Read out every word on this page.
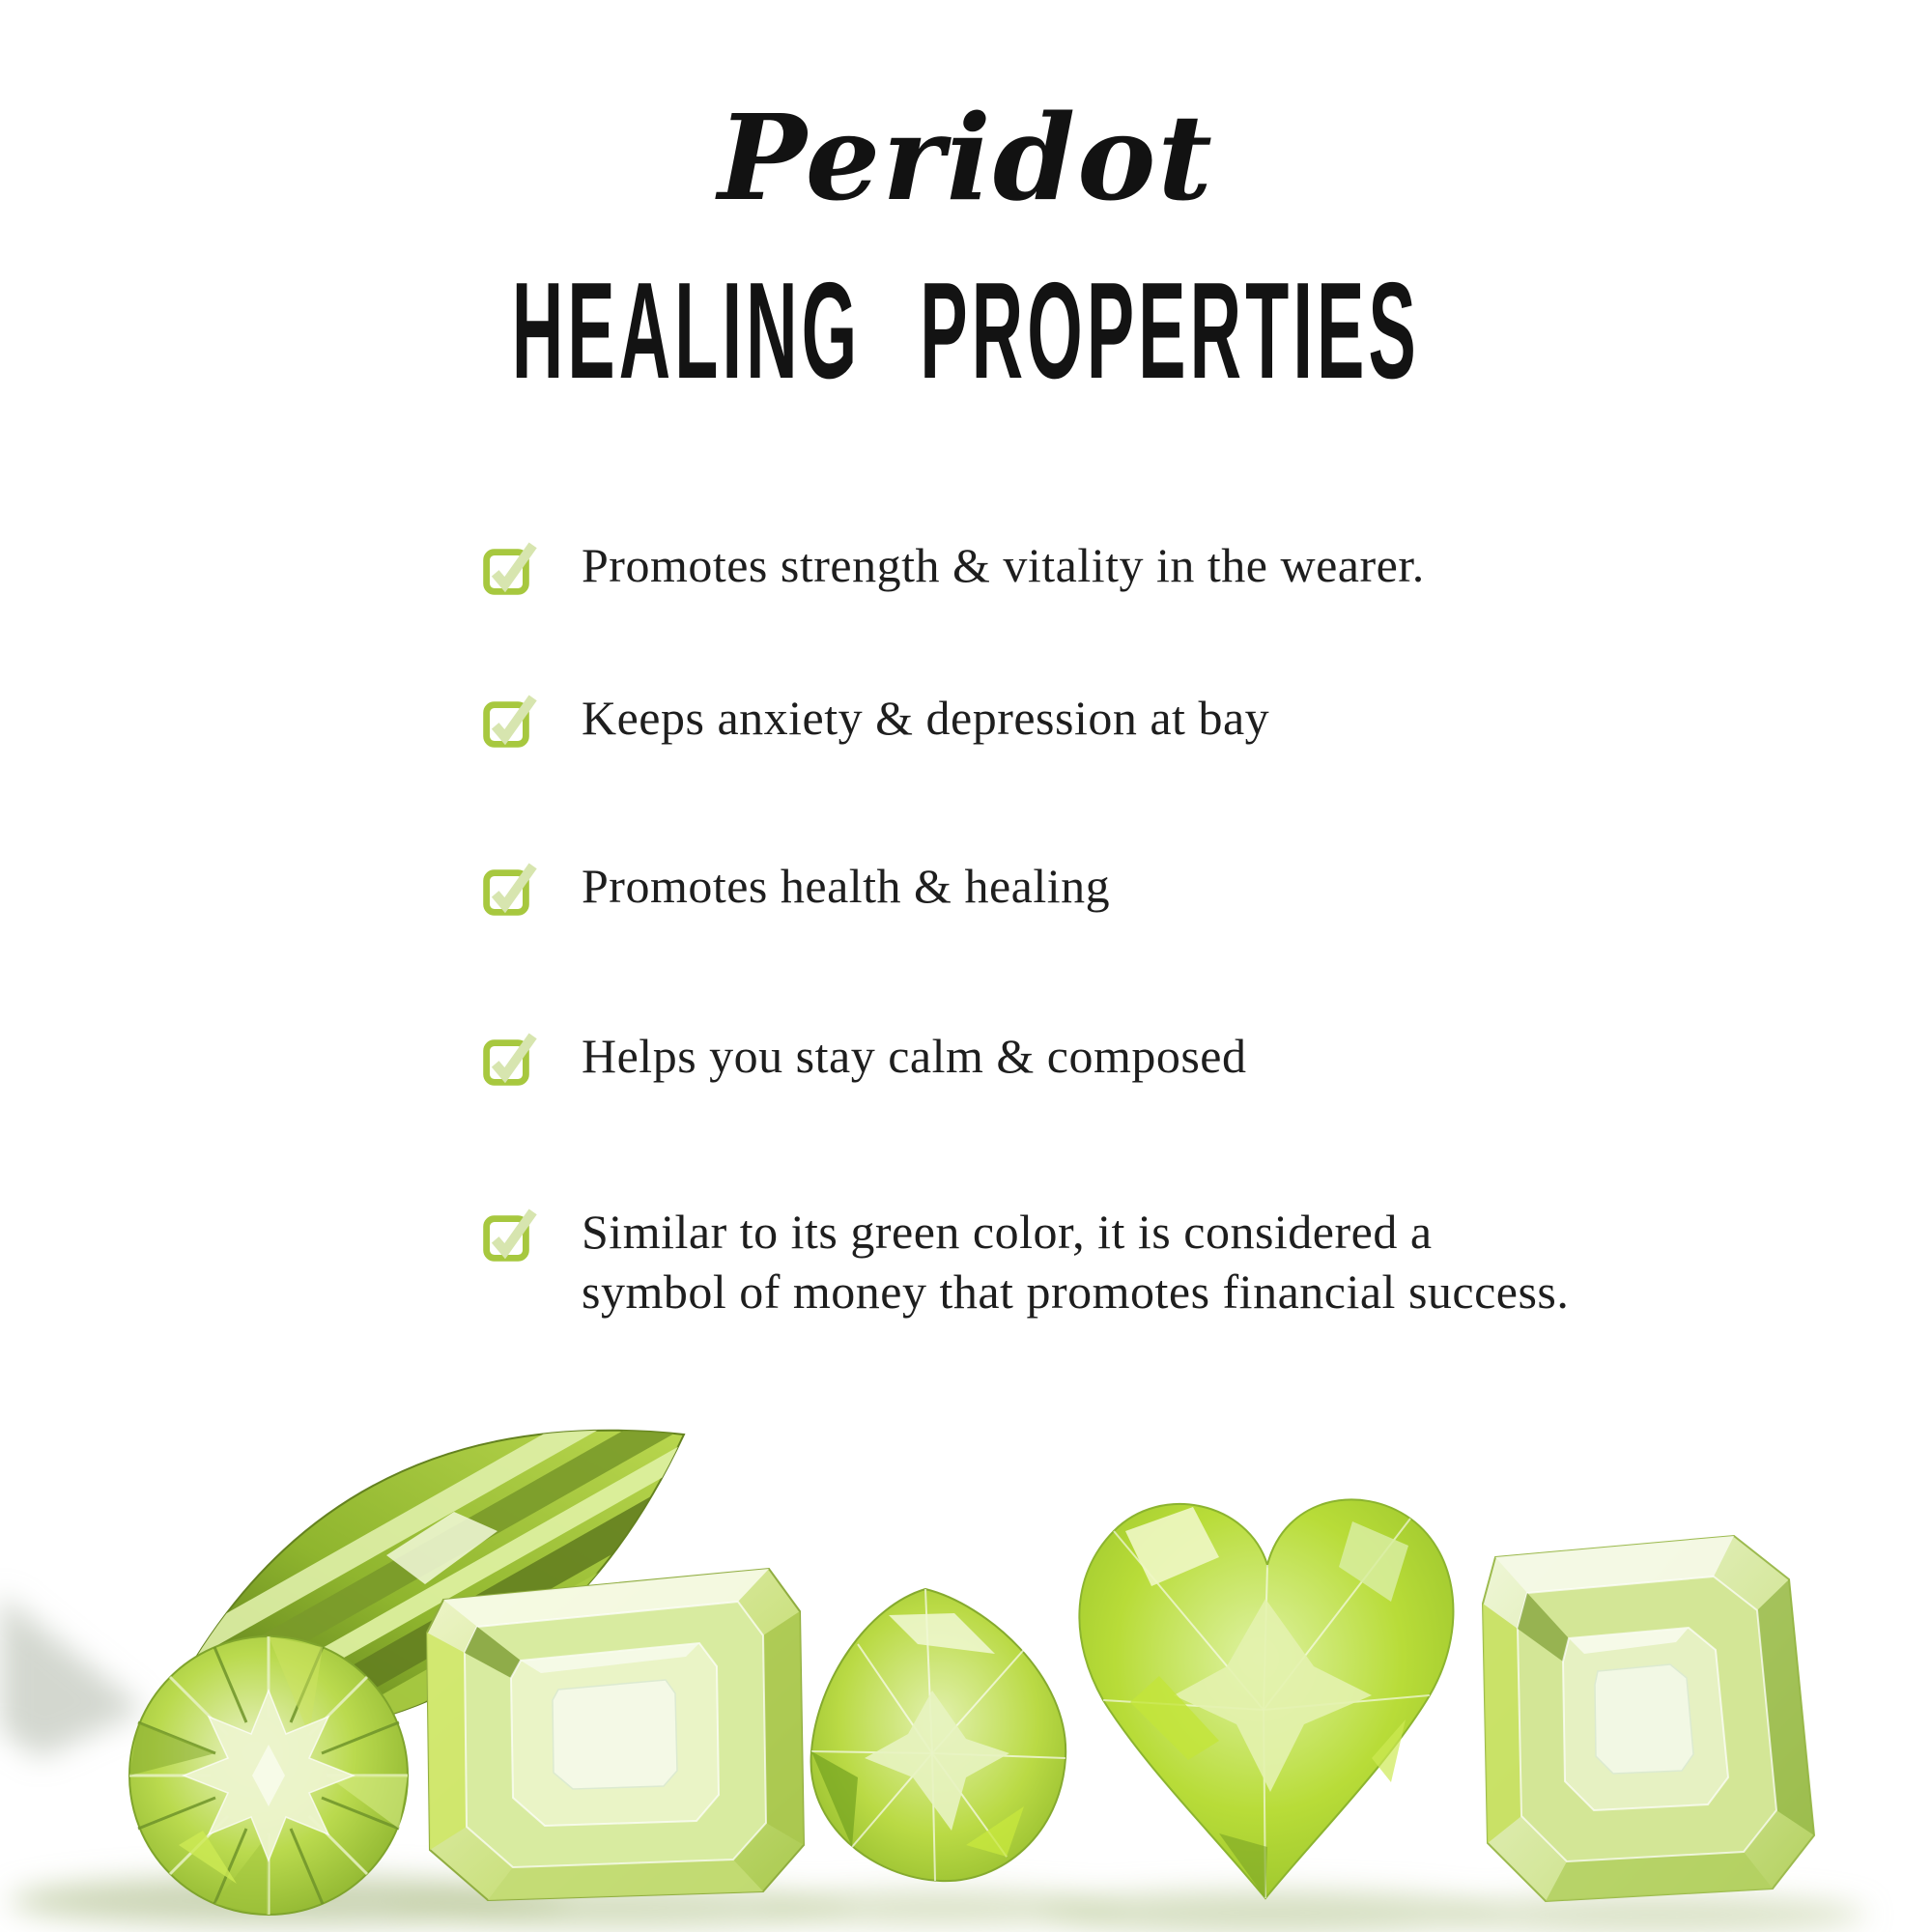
Peridot
HEALING PROPERTIES
Promotes strength & vitality in the wearer.
Keeps anxiety & depression at bay
Promotes health & healing
Helps you stay calm & composed
Similar to its green color, it is considered a
symbol of money that promotes financial success.
